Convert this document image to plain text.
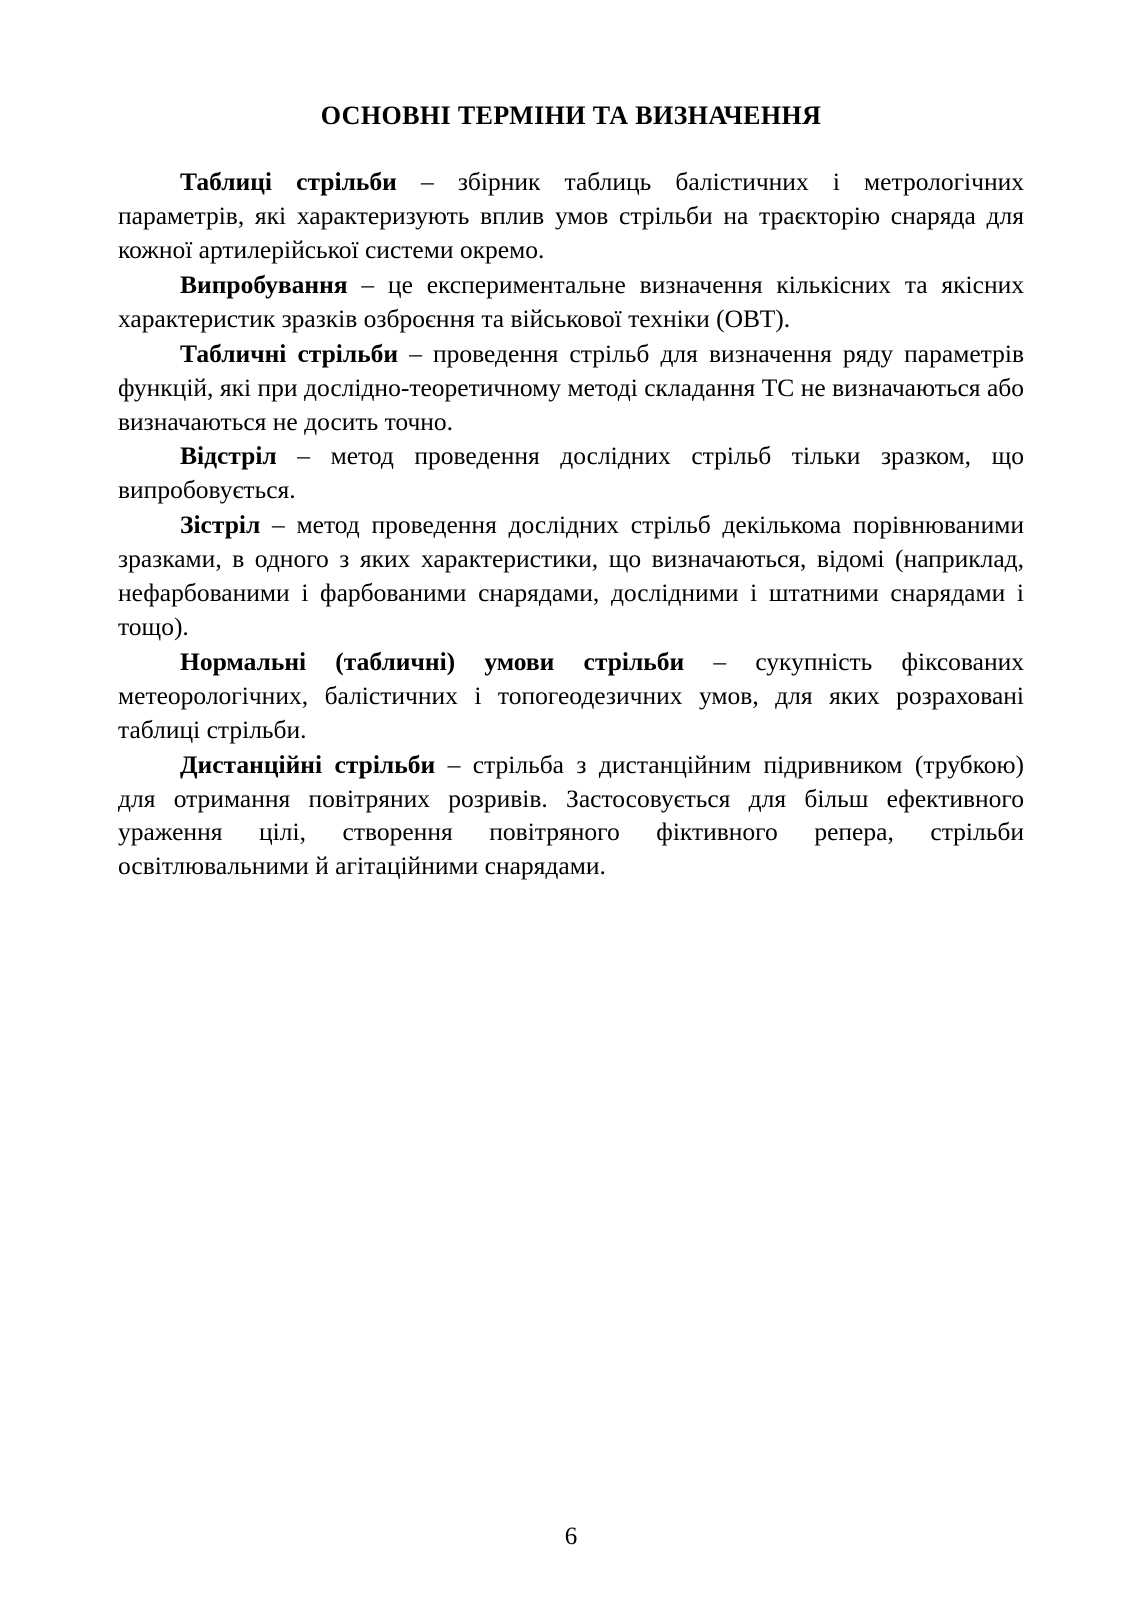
ОСНОВНІ ТЕРМІНИ ТА ВИЗНАЧЕННЯ

Таблиці стрільби – збірник таблиць балістичних і метрологічних параметрів, які характеризують вплив умов стрільби на траєкторію снаряда для кожної артилерійської системи окремо.

Випробування – це експериментальне визначення кількісних та якісних характеристик зразків озброєння та військової техніки (ОВТ).

Табличні стрільби – проведення стрільб для визначення ряду параметрів функцій, які при дослідно-теоретичному методі складання ТС не визначаються або визначаються не досить точно.

Відстріл – метод проведення дослідних стрільб тільки зразком, що випробовується.

Зістріл – метод проведення дослідних стрільб декількома порівнюваними зразками, в одного з яких характеристики, що визначаються, відомі (наприклад, нефарбованими і фарбованими снарядами, дослідними і штатними снарядами і тощо).

Нормальні (табличні) умови стрільби – сукупність фіксованих метеорологічних, балістичних і топогеодезичних умов, для яких розраховані таблиці стрільби.

Дистанційні стрільби – стрільба з дистанційним підривником (трубкою) для отримання повітряних розривів. Застосовується для більш ефективного ураження цілі, створення повітряного фіктивного репера, стрільби освітлювальними й агітаційними снарядами.

6
